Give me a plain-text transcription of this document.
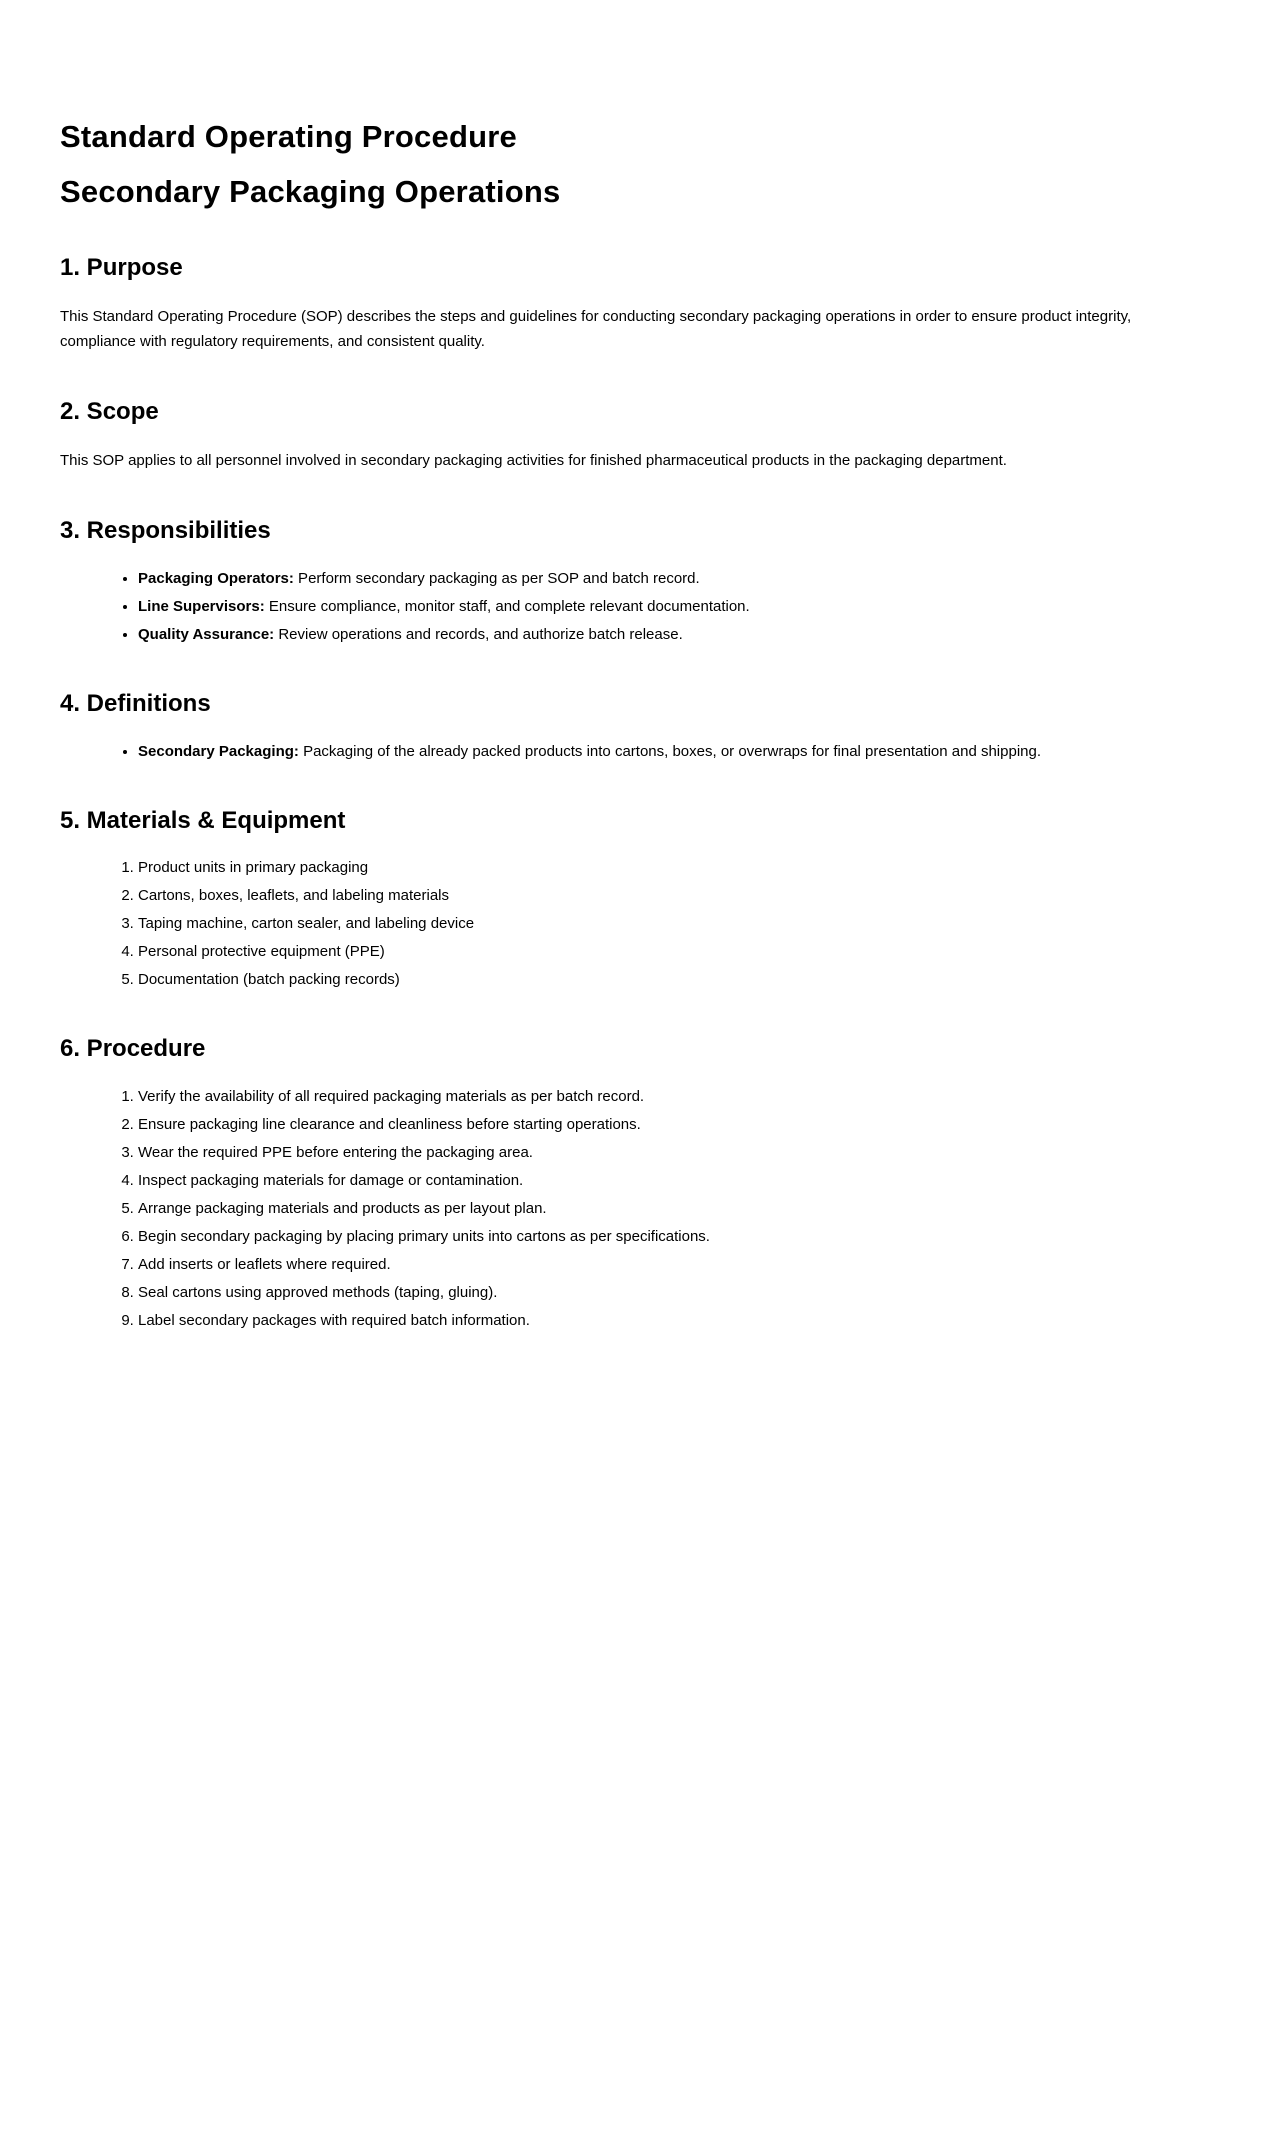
Standard Operating Procedure
Secondary Packaging Operations
1. Purpose

This Standard Operating Procedure (SOP) describes the steps and guidelines for conducting secondary packaging operations in order to ensure product integrity, compliance with regulatory requirements, and consistent quality.

2. Scope

This SOP applies to all personnel involved in secondary packaging activities for finished pharmaceutical products in the packaging department.

3. Responsibilities
• Packaging Operators: Perform secondary packaging as per SOP and batch record.
• Line Supervisors: Ensure compliance, monitor staff, and complete relevant documentation.
• Quality Assurance: Review operations and records, and authorize batch release.
4. Definitions
• Secondary Packaging: Packaging of the already packed products into cartons, boxes, or overwraps for final presentation and shipping.
5. Materials & Equipment
1. Product units in primary packaging
2. Cartons, boxes, leaflets, and labeling materials
3. Taping machine, carton sealer, and labeling device
4. Personal protective equipment (PPE)
5. Documentation (batch packing records)
6. Procedure
1. Verify the availability of all required packaging materials as per batch record.
2. Ensure packaging line clearance and cleanliness before starting operations.
3. Wear the required PPE before entering the packaging area.
4. Inspect packaging materials for damage or contamination.
5. Arrange packaging materials and products as per layout plan.
6. Begin secondary packaging by placing primary units into cartons as per specifications.
7. Add inserts or leaflets where required.
8. Seal cartons using approved methods (taping, gluing).
9. Label secondary packages with required batch information.
